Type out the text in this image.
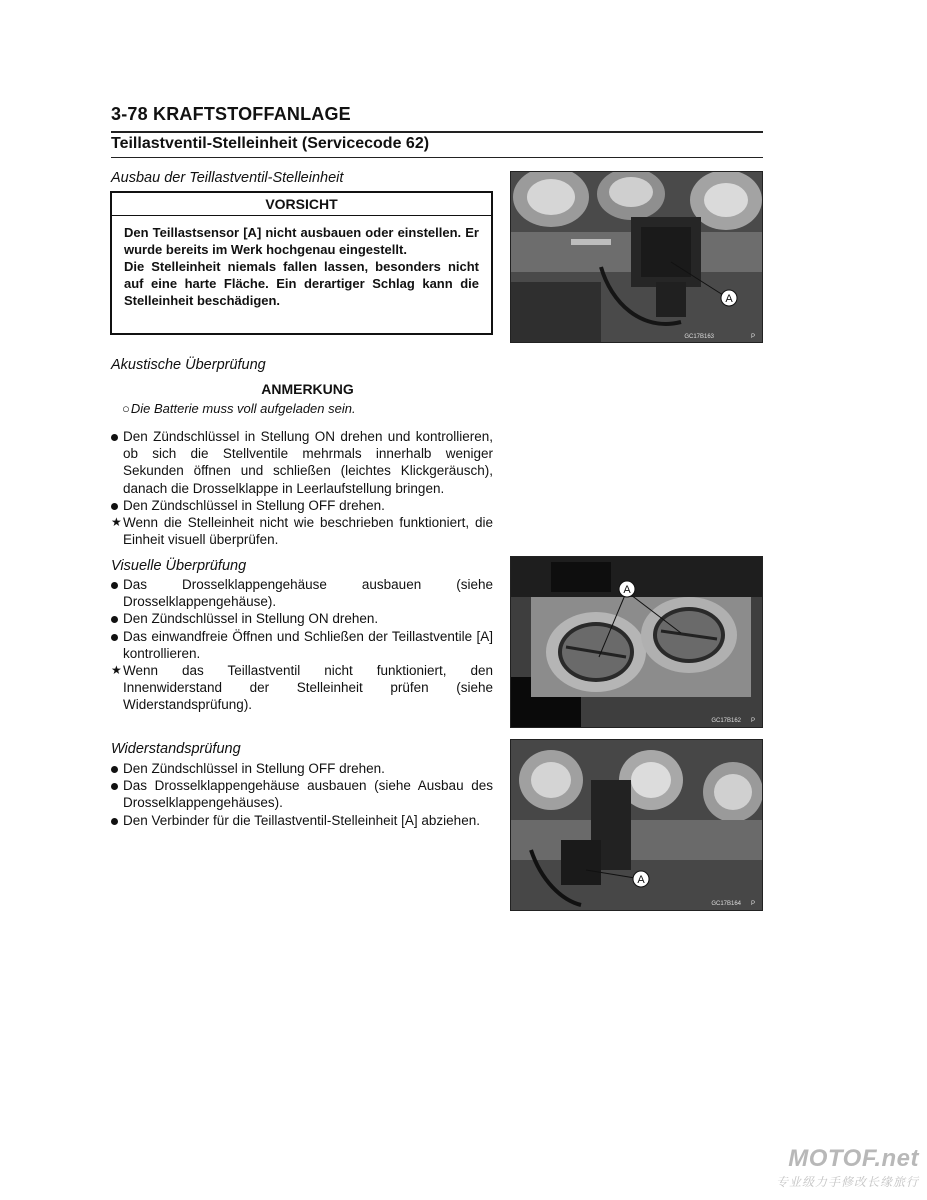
3-78 KRAFTSTOFFANLAGE
Teillastventil-Stelleinheit (Servicecode 62)
Ausbau der Teillastventil-Stelleinheit
VORSICHT

Den Teillastsensor [A] nicht ausbauen oder einstellen. Er wurde bereits im Werk hochgenau eingestellt.

Die Stelleinheit niemals fallen lassen, besonders nicht auf eine harte Fläche. Ein derartiger Schlag kann die Stelleinheit beschädigen.	A
GC17B163	P
Akustische Überprüfung
ANMERKUNG
○Die Batterie muss voll aufgeladen sein.
Den Zündschlüssel in Stellung ON drehen und kontrollieren, ob sich die Stellventile mehrmals innerhalb weniger Sekunden öffnen und schließen (leichtes Klickgeräusch), danach die Drosselklappe in Leerlaufstellung bringen.
Den Zündschlüssel in Stellung OFF drehen.
★ Wenn die Stelleinheit nicht wie beschrieben funktioniert, die Einheit visuell überprüfen.
Visuelle Überprüfung
Das Drosselklappengehäuse ausbauen (siehe Drosselklappengehäuse).
Den Zündschlüssel in Stellung ON drehen.
Das einwandfreie Öffnen und Schließen der Teillastventile [A] kontrollieren.
★ Wenn das Teillastventil nicht funktioniert, den Innenwiderstand der Stelleinheit prüfen (siehe Widerstandsprüfung).
A
GC17B162 P
Widerstandsprüfung
Den Zündschlüssel in Stellung OFF drehen.
Das Drosselklappengehäuse ausbauen (siehe Ausbau des Drosselklappengehäuses).
Den Verbinder für die Teillastventil-Stelleinheit [A] abziehen.
A
GC17B164 P
MOTOF.net
专业级力手修改长缘旅行
